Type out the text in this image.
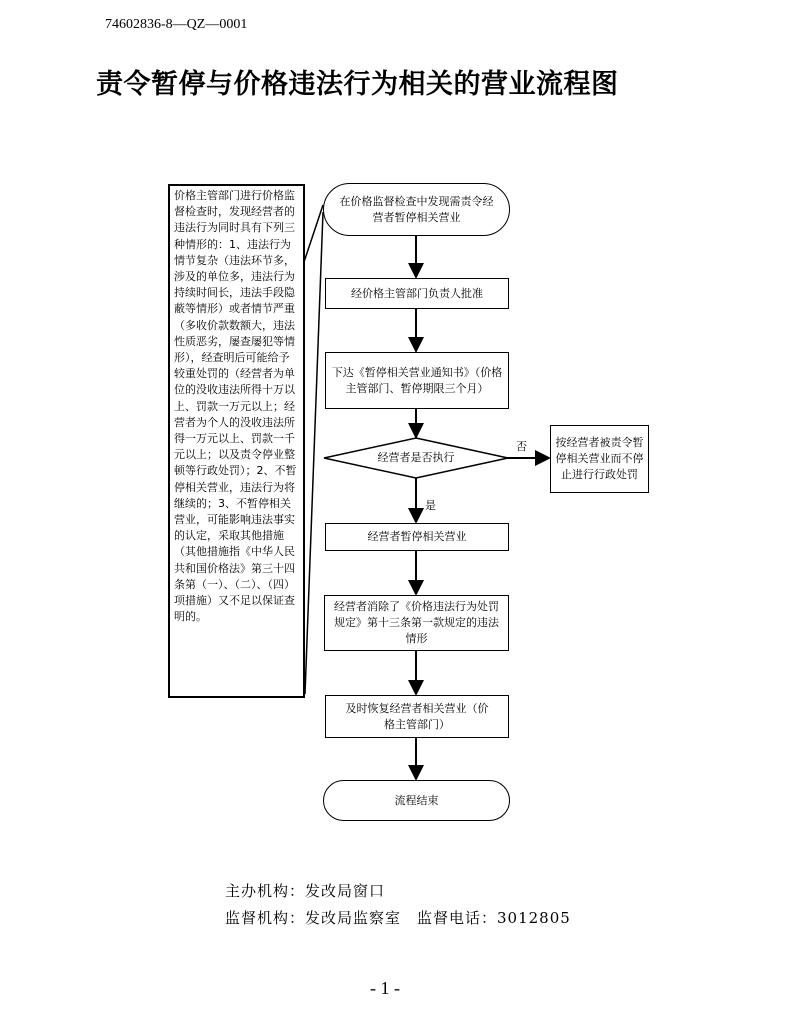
74602836-8—QZ—0001
责令暂停与价格违法行为相关的营业流程图
价格主管部门进行价格监督检查时，发现经营者的违法行为同时具有下列三种情形的：1、违法行为情节复杂（违法环节多，涉及的单位多，违法行为持续时间长，违法手段隐蔽等情形）或者情节严重（多收价款数额大，违法性质恶劣，屡查屡犯等情形），经查明后可能给予较重处罚的（经营者为单位的没收违法所得十万以上、罚款一万元以上；经营者为个人的没收违法所得一万元以上、罚款一千元以上；以及责令停业整顿等行政处罚）；2、不暂停相关营业，违法行为将继续的；3、不暂停相关营业，可能影响违法事实的认定，采取其他措施（其他措施指《中华人民共和国价格法》第三十四条第（一）、（二）、（四）项措施）又不足以保证查明的。
在价格监督检查中发现需责令经营者暂停相关营业
经价格主管部门负责人批准
下达《暂停相关营业通知书》（价格主管部门、暂停期限三个月）
经营者是否执行
否
是
按经营者被责令暂停相关营业而不停止进行行政处罚
经营者暂停相关营业
经营者消除了《价格违法行为处罚规定》第十三条第一款规定的违法情形
及时恢复经营者相关营业（价格主管部门）
流程结束
主办机构：发改局窗口
监督机构：发改局监察室　监督电话：3012805
- 1 -
